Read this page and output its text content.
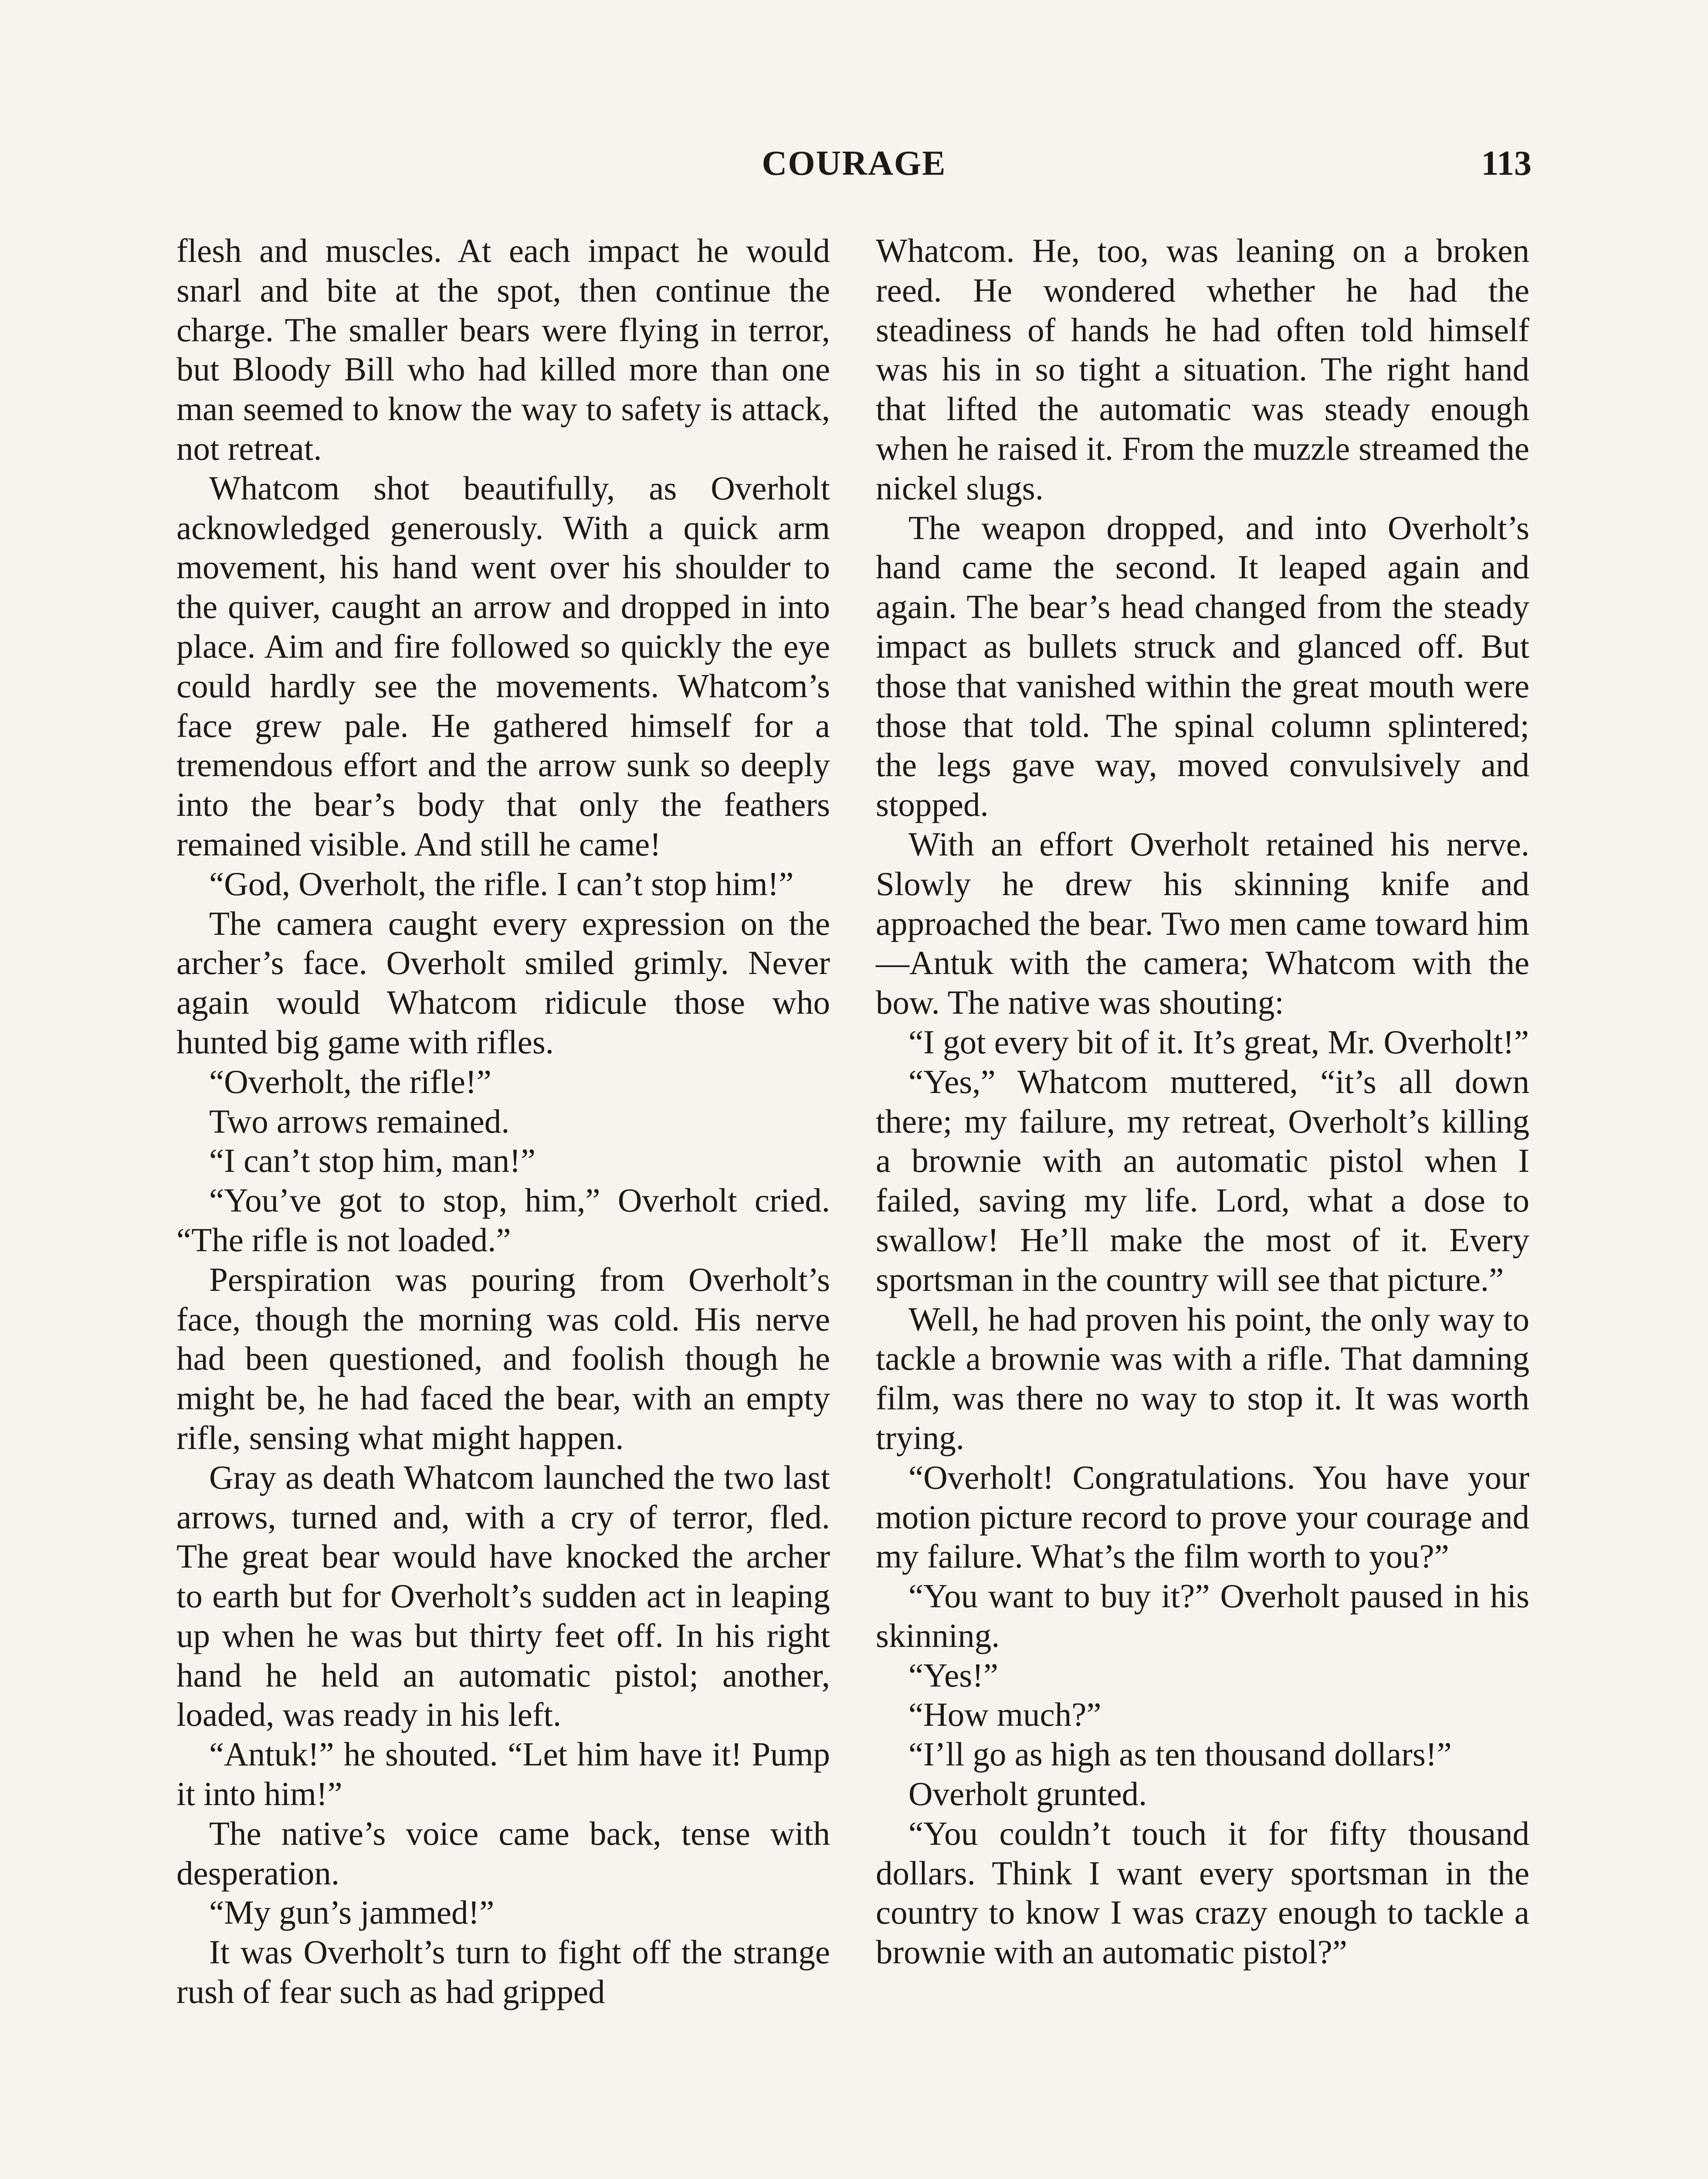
COURAGE	113

flesh and muscles. At each impact he would snarl and bite at the spot, then continue the charge. The smaller bears were flying in terror, but Bloody Bill who had killed more than one man seemed to know the way to safety is attack, not retreat.

Whatcom shot beautifully, as Overholt acknowledged generously. With a quick arm movement, his hand went over his shoulder to the quiver, caught an arrow and dropped in into place. Aim and fire followed so quickly the eye could hardly see the movements. Whatcom’s face grew pale. He gathered himself for a tremendous effort and the arrow sunk so deeply into the bear’s body that only the feathers remained visible. And still he came!

“God, Overholt, the rifle. I can’t stop him!”

The camera caught every expression on the archer’s face. Overholt smiled grimly. Never again would Whatcom ridicule those who hunted big game with rifles.

“Overholt, the rifle!”

Two arrows remained.

“I can’t stop him, man!”

“You’ve got to stop, him,” Overholt cried. “The rifle is not loaded.”

Perspiration was pouring from Overholt’s face, though the morning was cold. His nerve had been questioned, and foolish though he might be, he had faced the bear, with an empty rifle, sensing what might happen.

Gray as death Whatcom launched the two last arrows, turned and, with a cry of terror, fled. The great bear would have knocked the archer to earth but for Overholt’s sudden act in leaping up when he was but thirty feet off. In his right hand he held an automatic pistol; another, loaded, was ready in his left.

“Antuk!” he shouted. “Let him have it! Pump it into him!”

The native’s voice came back, tense with desperation.

“My gun’s jammed!”

It was Overholt’s turn to fight off the strange rush of fear such as had gripped

Whatcom. He, too, was leaning on a broken reed. He wondered whether he had the steadiness of hands he had often told himself was his in so tight a situation. The right hand that lifted the automatic was steady enough when he raised it. From the muzzle streamed the nickel slugs.

The weapon dropped, and into Overholt’s hand came the second. It leaped again and again. The bear’s head changed from the steady impact as bullets struck and glanced off. But those that vanished within the great mouth were those that told. The spinal column splintered; the legs gave way, moved convulsively and stopped.

With an effort Overholt retained his nerve. Slowly he drew his skinning knife and approached the bear. Two men came toward him—Antuk with the camera; Whatcom with the bow. The native was shouting:

“I got every bit of it. It’s great, Mr. Overholt!”

“Yes,” Whatcom muttered, “it’s all down there; my failure, my retreat, Overholt’s killing a brownie with an automatic pistol when I failed, saving my life. Lord, what a dose to swallow! He’ll make the most of it. Every sportsman in the country will see that picture.”

Well, he had proven his point, the only way to tackle a brownie was with a rifle. That damning film, was there no way to stop it. It was worth trying.

“Overholt! Congratulations. You have your motion picture record to prove your courage and my failure. What’s the film worth to you?”

“You want to buy it?” Overholt paused in his skinning.

“Yes!”

“How much?”

“I’ll go as high as ten thousand dollars!”

Overholt grunted.

“You couldn’t touch it for fifty thousand dollars. Think I want every sportsman in the country to know I was crazy enough to tackle a brownie with an automatic pistol?”
